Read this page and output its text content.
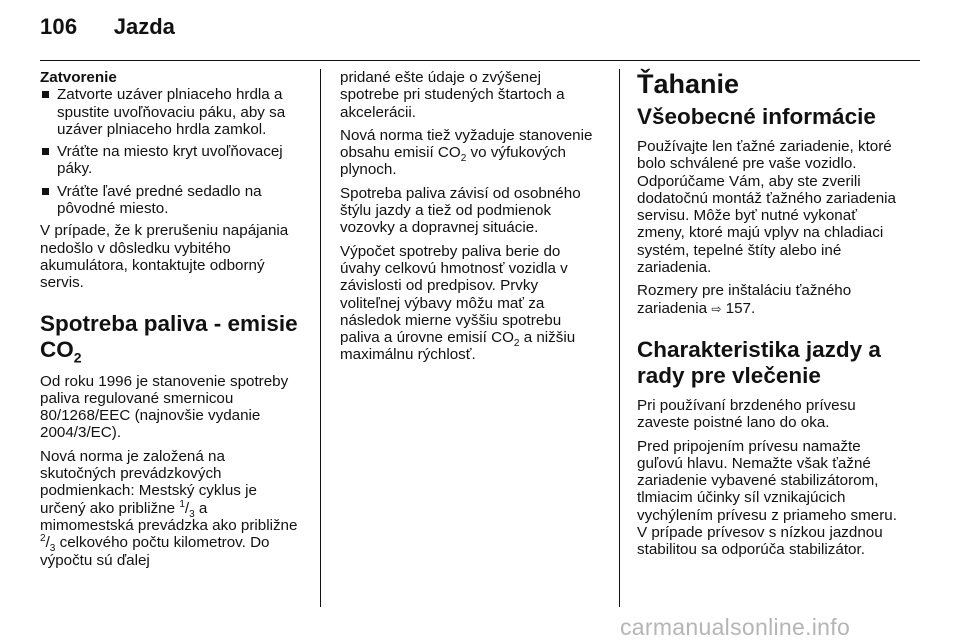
106 Jazda

Zatvorenie

Zatvorte uzáver plniaceho hrdla a spustite uvoľňovaciu páku, aby sa uzáver plniaceho hrdla zamkol.
Vráťte na miesto kryt uvoľňovacej páky.
Vráťte ľavé predné sedadlo na pôvodné miesto.

V prípade, že k prerušeniu napájania nedošlo v dôsledku vybitého akumulátora, kontaktujte odborný servis.

Spotreba paliva - emisie $CO_2$

Od roku 1996 je stanovenie spotreby paliva regulované smernicou 80/1268/EEC (najnovšie vydanie 2004/3/EC).

Nová norma je založená na skutočných prevádzkových podmienkach: Mestský cyklus je určený ako približne $^1/_3$ a mimomestská prevádzka ako približne $^2/_3$ celkového počtu kilometrov. Do výpočtu sú ďalej

pridané ešte údaje o zvýšenej spotrebe pri studených štartoch a akcelerácii.

Nová norma tiež vyžaduje stanovenie obsahu emisií $CO_2$ vo výfukových plynoch.

Spotreba paliva závisí od osobného štýlu jazdy a tiež od podmienok vozovky a dopravnej situácie.

Výpočet spotreby paliva berie do úvahy celkovú hmotnosť vozidla v závislosti od predpisov. Prvky voliteľnej výbavy môžu mať za následok mierne vyššiu spotrebu paliva a úrovne emisií $CO_2$ a nižšiu maximálnu rýchlosť.

Ťahanie
Všeobecné informácie

Používajte len ťažné zariadenie, ktoré bolo schválené pre vaše vozidlo. Odporúčame Vám, aby ste zverili dodatočnú montáž ťažného zariadenia servisu. Môže byť nutné vykonať zmeny, ktoré majú vplyv na chladiaci systém, tepelné štíty alebo iné zariadenia.

Rozmery pre inštaláciu ťažného zariadenia ⇨ 157.

Charakteristika jazdy a rady pre vlečenie

Pri používaní brzdeného prívesu zaveste poistné lano do oka.

Pred pripojením prívesu namažte guľovú hlavu. Nemažte však ťažné zariadenie vybavené stabilizátorom, tlmiacim účinky síl vznikajúcich vychýlením prívesu z priameho smeru. V prípade prívesov s nízkou jazdnou stabilitou sa odporúča stabilizátor.

carmanualsonline.info
